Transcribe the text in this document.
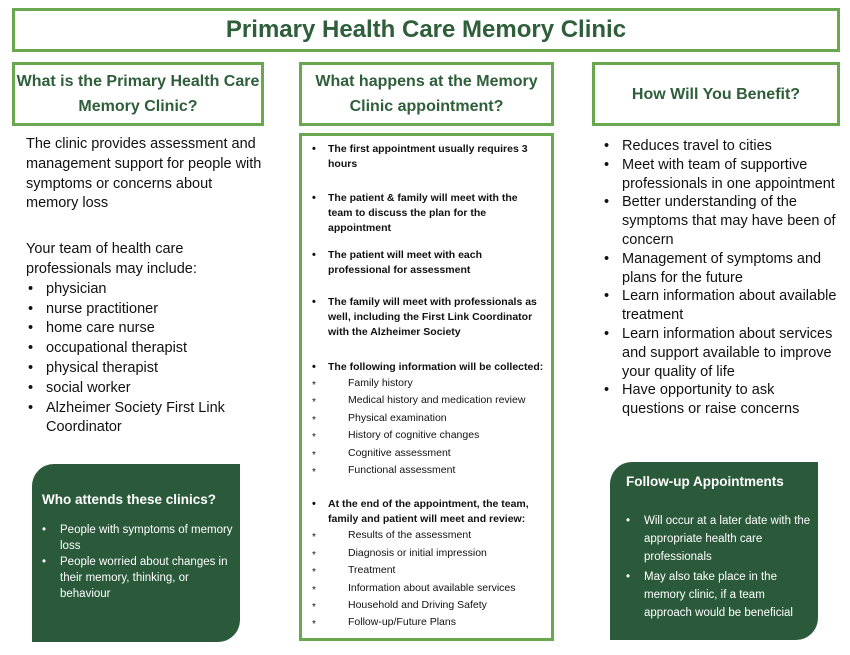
Primary Health Care Memory Clinic
What is the Primary Health Care Memory Clinic?
What happens at the Memory Clinic appointment?
How Will You Benefit?

The clinic provides assessment and management support for people with symptoms or concerns about memory loss

Your team of health care professionals may include:

• physician
• nurse practitioner
• home care nurse
• occupational therapist
• physical therapist
• social worker
• Alzheimer Society First Link Coordinator
• The first appointment usually requires 3 hours
• The patient & family will meet with the team to discuss the plan for the appointment
• The patient will meet with each professional for assessment
• The family will meet with professionals as well, including the First Link Coordinator with the Alzheimer Society
• The following information will be collected:
* Family history
* Medical history and medication review
* Physical examination
* History of cognitive changes
* Cognitive assessment
* Functional assessment
• At the end of the appointment, the team, family and patient will meet and review:
* Results of the assessment
* Diagnosis or initial impression
* Treatment
* Information about available services
* Household and Driving Safety
* Follow-up/Future Plans
• Reduces travel to cities
• Meet with team of supportive professionals in one appointment
• Better understanding of the symptoms that may have been of concern
• Management of symptoms and plans for the future
• Learn information about available treatment
• Learn information about services and support available to improve your quality of life
• Have opportunity to ask questions or raise concerns
Who attends these clinics?
• People with symptoms of memory loss
• People worried about changes in their memory, thinking, or behaviour
Follow-up Appointments
• Will occur at a later date with the appropriate health care professionals
• May also take place in the memory clinic, if a team approach would be beneficial
